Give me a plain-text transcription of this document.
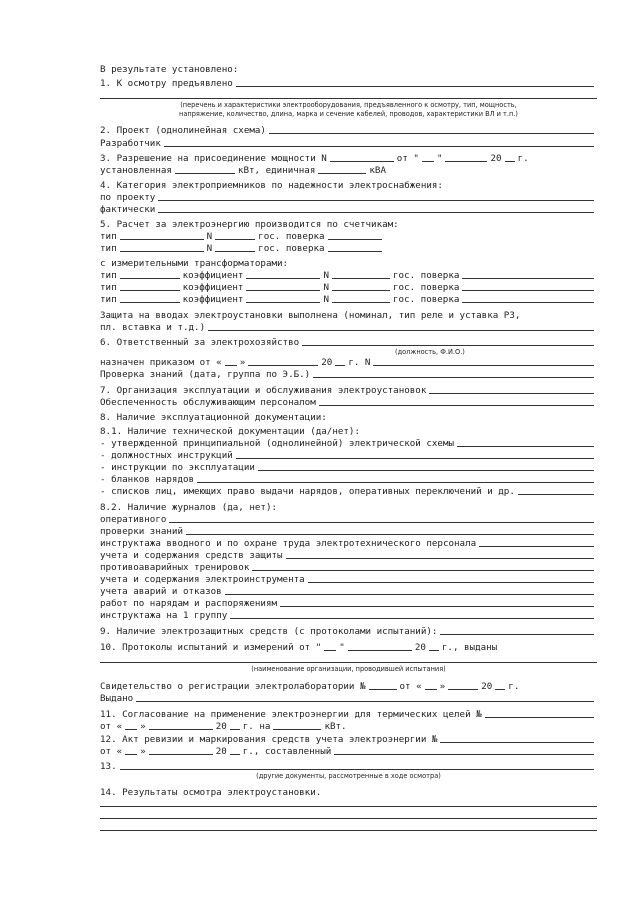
В результате установлено:
1. К осмотру предъявлено
(перечень и характеристики электрооборудования, предъявленного к осмотру, тип, мощность,
напряжение, количество, длина, марка и сечение кабелей, проводов, характеристики ВЛ и т.п.)
2. Проект (однолинейная схема)
Разработчик
3. Разрешение на присоединение мощности N	от " "	20 г.
установленная	кВт, единичная	кВА
4. Категория электроприемников по надежности электроснабжения:
по проекту
фактически
5. Расчет за электроэнергию производится по счетчикам:
тип	N	гос. поверка
тип	N	гос. поверка
с измерительными трансформаторами:
тип	коэффициент	N	гос. поверка
тип	коэффициент	N	гос. поверка
тип	коэффициент	N	гос. поверка
Защита на вводах электроустановки выполнена (номинал, тип реле и уставка РЗ,
пл. вставка и т.д.)
6. Ответственный за электрохозяйство
(должность, Ф.И.О.)
назначен приказом от « »	20 г. N
Проверка знаний (дата, группа по Э.Б.)
7. Организация эксплуатации и обслуживания электроустановок
Обеспеченность обслуживающим персоналом
8. Наличие эксплуатационной документации:
8.1. Наличие технической документации (да/нет):
- утвержденной принципиальной (однолинейной) электрической схемы
- должностных инструкций
- инструкции по эксплуатации
- бланков нарядов
- списков лиц, имеющих право выдачи нарядов, оперативных переключений и др.
8.2. Наличие журналов (да, нет):
оперативного
проверки знаний
инструктажа вводного и по охране труда электротехнического персонала
учета и содержания средств защиты
противоаварийных тренировок
учета и содержания электроинструмента
учета аварий и отказов
работ по нарядам и распоряжениям
инструктажа на 1 группу
9. Наличие электрозащитных средств (с протоколами испытаний):
10. Протоколы испытаний и измерений от " "	20 г., выданы
(наименование организации, проводившей испытания)
Свидетельство о регистрации электролаборатории №	от « »	20 г.
Выдано
11. Согласование на применение электроэнергии для термических целей №
от « »	20 г. на	кВт.
12. Акт ревизии и маркирования средств учета электроэнергии №
от « »	20 г., составленный
13.
(другие документы, рассмотренные в ходе осмотра)
14. Результаты осмотра электроустановки.
